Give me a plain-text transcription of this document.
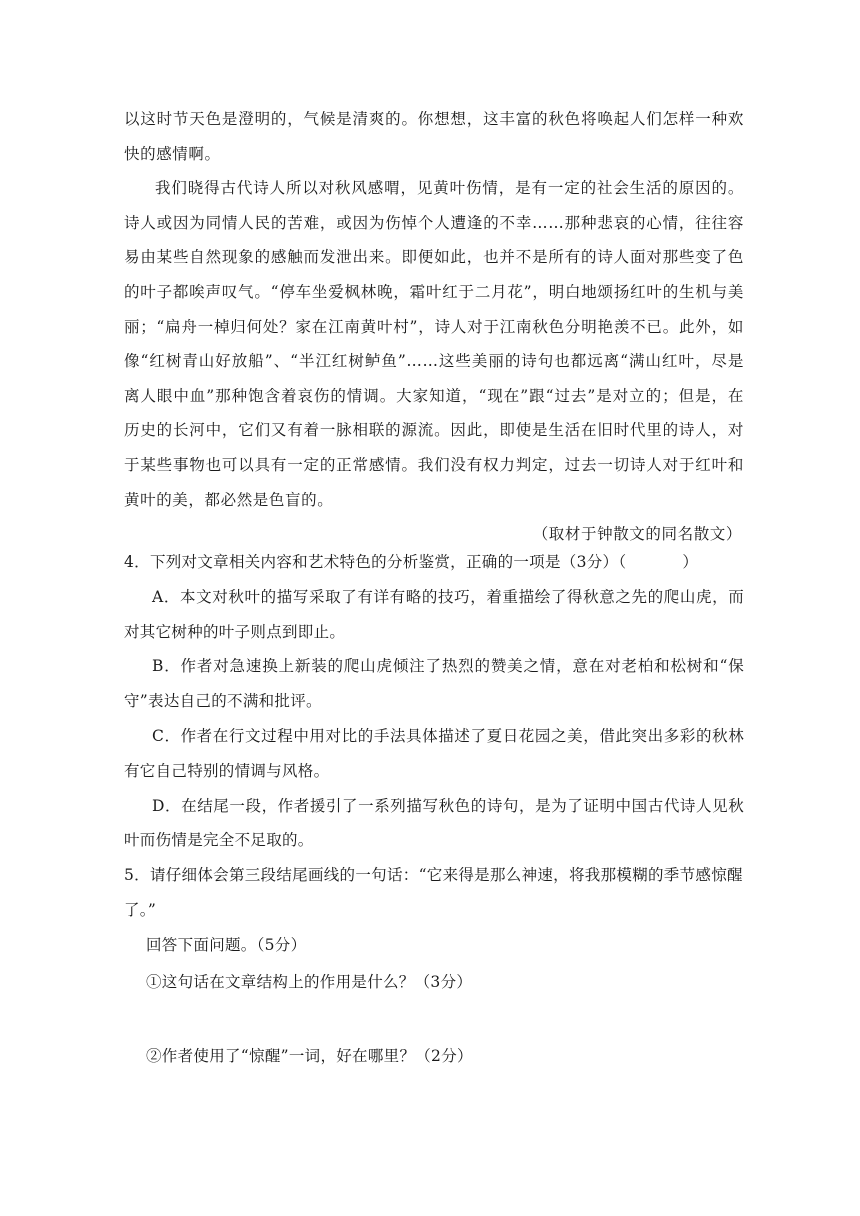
以这时节天色是澄明的，气候是清爽的。你想想，这丰富的秋色将唤起人们怎样一种欢快的感情啊。

我们晓得古代诗人所以对秋风感喟，见黄叶伤情，是有一定的社会生活的原因的。诗人或因为同情人民的苦难，或因为伤悼个人遭逢的不幸……那种悲哀的心情，往往容易由某些自然现象的感触而发泄出来。即便如此，也并不是所有的诗人面对那些变了色的叶子都唉声叹气。“停车坐爱枫林晚，霜叶红于二月花”，明白地颂扬红叶的生机与美丽；“扁舟一棹归何处？家在江南黄叶村”，诗人对于江南秋色分明艳羡不已。此外，如像“红树青山好放船”、“半江红树鲈鱼”……这些美丽的诗句也都远离“满山红叶，尽是离人眼中血”那种饱含着哀伤的情调。大家知道，“现在”跟“过去”是对立的；但是，在历史的长河中，它们又有着一脉相联的源流。因此，即使是生活在旧时代里的诗人，对于某些事物也可以具有一定的正常感情。我们没有权力判定，过去一切诗人对于红叶和黄叶的美，都必然是色盲的。

（取材于钟散文的同名散文）

4．下列对文章相关内容和艺术特色的分析鉴赏，正确的一项是（3分）（	）

A．本文对秋叶的描写采取了有详有略的技巧，着重描绘了得秋意之先的爬山虎，而对其它树种的叶子则点到即止。

B．作者对急速换上新装的爬山虎倾注了热烈的赞美之情，意在对老柏和松树和“保守”表达自己的不满和批评。

C．作者在行文过程中用对比的手法具体描述了夏日花园之美，借此突出多彩的秋林有它自己特别的情调与风格。

D．在结尾一段，作者援引了一系列描写秋色的诗句，是为了证明中国古代诗人见秋叶而伤情是完全不足取的。

5．请仔细体会第三段结尾画线的一句话：“它来得是那么神速，将我那模糊的季节感惊醒了。”

回答下面问题。（5分）

①这句话在文章结构上的作用是什么？（3分）

②作者使用了“惊醒”一词，好在哪里？（2分）
